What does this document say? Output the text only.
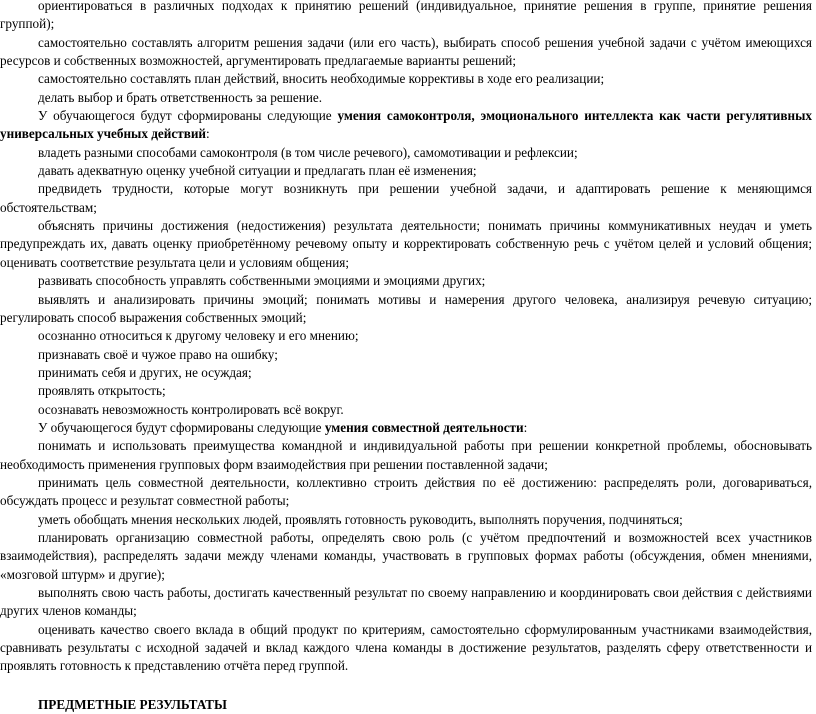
ориентироваться в различных подходах к принятию решений (индивидуальное, принятие решения в группе, принятие решения группой);

самостоятельно составлять алгоритм решения задачи (или его часть), выбирать способ решения учебной задачи с учётом имеющихся ресурсов и собственных возможностей, аргументировать предлагаемые варианты решений;

самостоятельно составлять план действий, вносить необходимые коррективы в ходе его реализации;

делать выбор и брать ответственность за решение.

У обучающегося будут сформированы следующие умения самоконтроля, эмоционального интеллекта как части регулятивных универсальных учебных действий:

владеть разными способами самоконтроля (в том числе речевого), самомотивации и рефлексии;

давать адекватную оценку учебной ситуации и предлагать план её изменения;

предвидеть трудности, которые могут возникнуть при решении учебной задачи, и адаптировать решение к меняющимся обстоятельствам;

объяснять причины достижения (недостижения) результата деятельности; понимать причины коммуникативных неудач и уметь предупреждать их, давать оценку приобретённому речевому опыту и корректировать собственную речь с учётом целей и условий общения; оценивать соответствие результата цели и условиям общения;

развивать способность управлять собственными эмоциями и эмоциями других;

выявлять и анализировать причины эмоций; понимать мотивы и намерения другого человека, анализируя речевую ситуацию; регулировать способ выражения собственных эмоций;

осознанно относиться к другому человеку и его мнению;

признавать своё и чужое право на ошибку;

принимать себя и других, не осуждая;

проявлять открытость;

осознавать невозможность контролировать всё вокруг.

У обучающегося будут сформированы следующие умения совместной деятельности:

понимать и использовать преимущества командной и индивидуальной работы при решении конкретной проблемы, обосновывать необходимость применения групповых форм взаимодействия при решении поставленной задачи;

принимать цель совместной деятельности, коллективно строить действия по её достижению: распределять роли, договариваться, обсуждать процесс и результат совместной работы;

уметь обобщать мнения нескольких людей, проявлять готовность руководить, выполнять поручения, подчиняться;

планировать организацию совместной работы, определять свою роль (с учётом предпочтений и возможностей всех участников взаимодействия), распределять задачи между членами команды, участвовать в групповых формах работы (обсуждения, обмен мнениями, «мозговой штурм» и другие);

выполнять свою часть работы, достигать качественный результат по своему направлению и координировать свои действия с действиями других членов команды;

оценивать качество своего вклада в общий продукт по критериям, самостоятельно сформулированным участниками взаимодействия, сравнивать результаты с исходной задачей и вклад каждого члена команды в достижение результатов, разделять сферу ответственности и проявлять готовность к представлению отчёта перед группой.

ПРЕДМЕТНЫЕ РЕЗУЛЬТАТЫ
